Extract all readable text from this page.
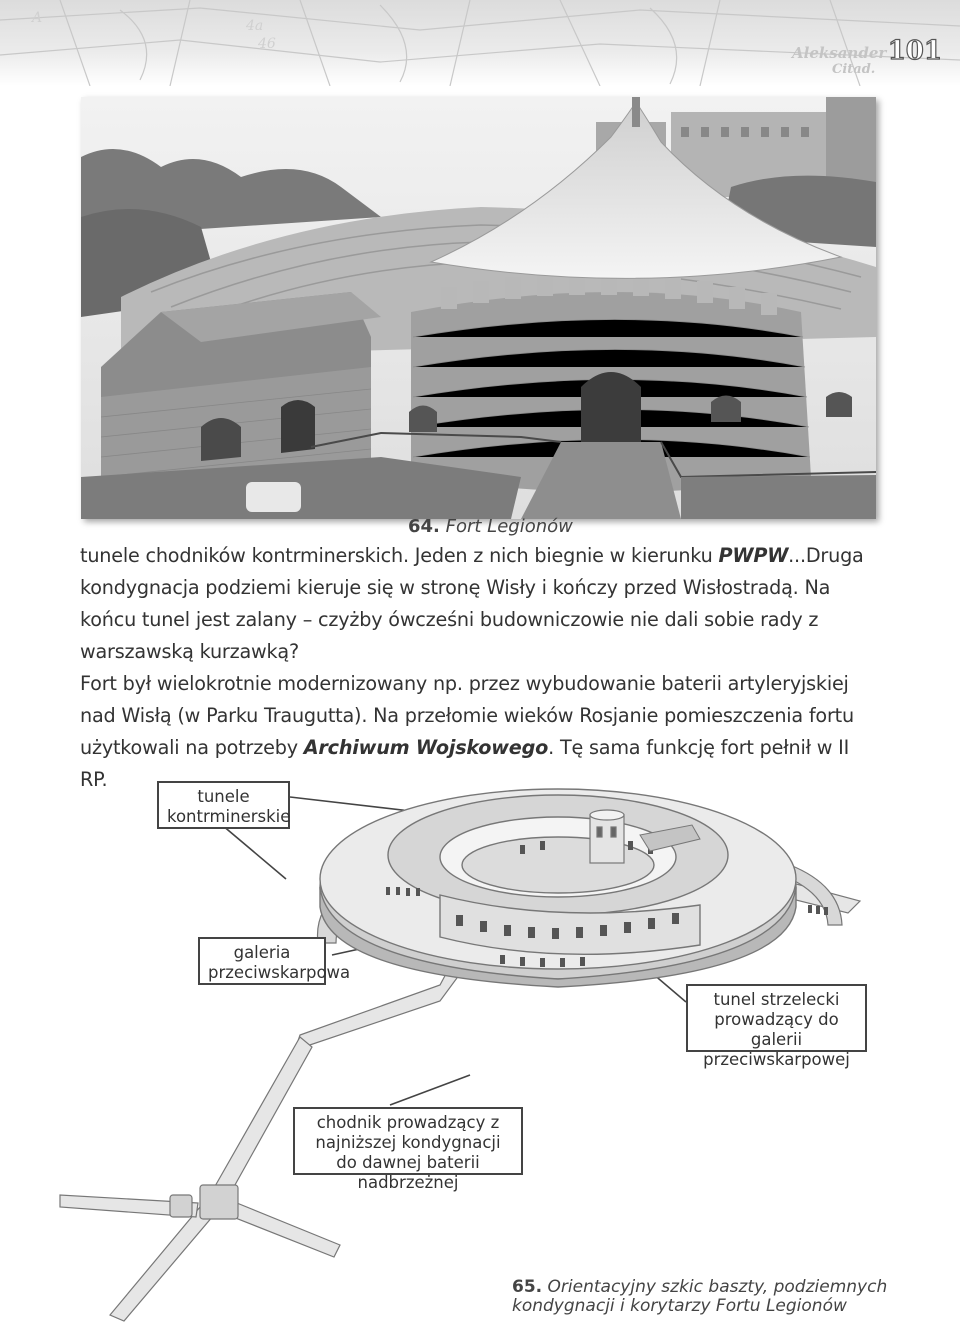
4a
46
A
Aleksander
Citad.
101
64. Fort Legionów

tunele chodników kontrminerskich. Jeden z nich biegnie w kierunku PWPW...Druga kondygnacja podziemi kieruje się w stronę Wisły i kończy przed Wisłostradą. Na końcu tunel jest zalany – czyżby ówcześni budowniczowie nie dali sobie rady z warszawską kurzawką?

Fort był wielokrotnie modernizowany np. przez wybudowanie baterii artyleryjskiej nad Wisłą (w Parku Traugutta). Na przełomie wieków Rosjanie pomieszczenia fortu użytkowali na potrzeby Archiwum Wojskowego. Tę sama funkcję fort pełnił w II RP.

tunele kontrminerskie
galeria przeciwskarpowa
tunel strzelecki prowadzący do galerii przeciwskarpowej
chodnik prowadzący z najniższej kondygnacji do dawnej baterii nadbrzeżnej
65. Orientacyjny szkic baszty, podziemnych kondygnacji i korytarzy Fortu Legionów
